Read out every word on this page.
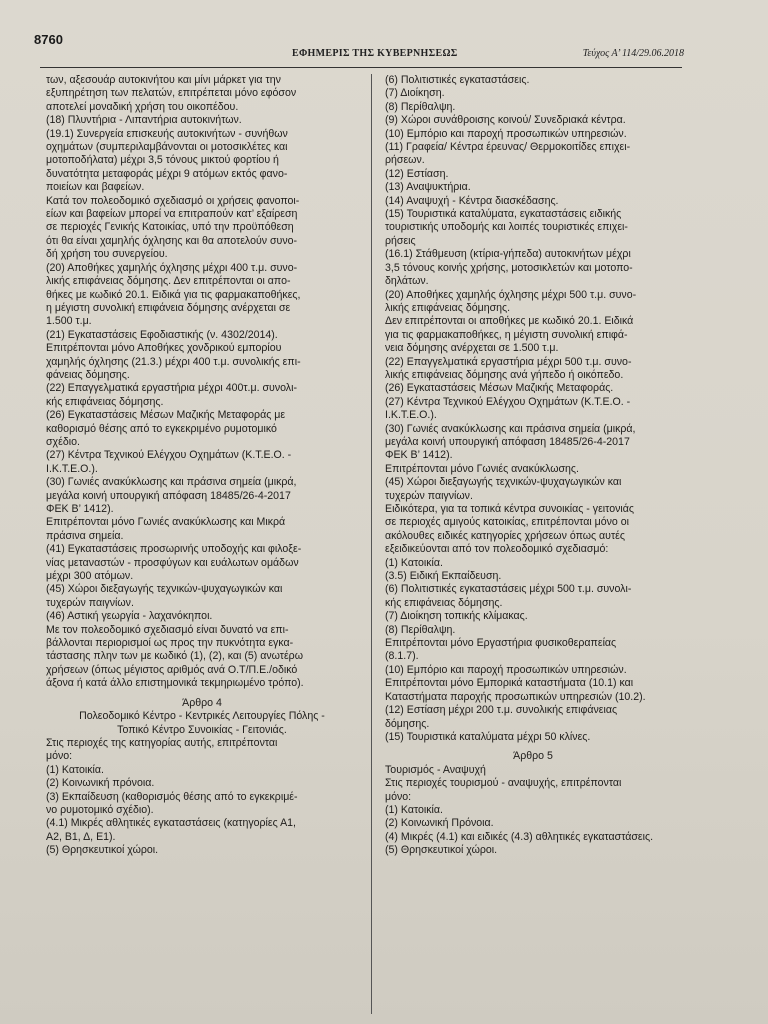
8760
ΕΦΗΜΕΡΙΣ ΤΗΣ ΚΥΒΕΡΝΗΣΕΩΣ	Τεύχος Α’ 114/29.06.2018
των, αξεσουάρ αυτοκινήτου και μίνι μάρκετ για την
εξυπηρέτηση των πελατών, επιτρέπεται μόνο εφόσον
αποτελεί μοναδική χρήση του οικοπέδου.
(18) Πλυντήρια - Λιπαντήρια αυτοκινήτων.
(19.1) Συνεργεία επισκευής αυτοκινήτων - συνήθων
οχημάτων (συμπεριλαμβάνονται οι μοτοσικλέτες και
μοτοποδήλατα) μέχρι 3,5 τόνους μικτού φορτίου ή
δυνατότητα μεταφοράς μέχρι 9 ατόμων εκτός φανο-
ποιείων και βαφείων.
Κατά τον πολεοδομικό σχεδιασμό οι χρήσεις φανοποι-
είων και βαφείων μπορεί να επιτραπούν κατ’ εξαίρεση
σε περιοχές Γενικής Κατοικίας, υπό την προϋπόθεση
ότι θα είναι χαμηλής όχλησης και θα αποτελούν συνο-
δή χρήση του συνεργείου.
(20) Αποθήκες χαμηλής όχλησης μέχρι 400 τ.μ. συνο-
λικής επιφάνειας δόμησης. Δεν επιτρέπονται οι απο-
θήκες με κωδικό 20.1. Ειδικά για τις φαρμακαποθήκες,
η μέγιστη συνολική επιφάνεια δόμησης ανέρχεται σε
1.500 τ.μ.
(21) Εγκαταστάσεις Εφοδιαστικής (ν. 4302/2014).
Επιτρέπονται μόνο Αποθήκες χονδρικού εμπορίου
χαμηλής όχλησης (21.3.) μέχρι 400 τ.μ. συνολικής επι-
φάνειας δόμησης.
(22) Επαγγελματικά εργαστήρια μέχρι 400τ.μ. συνολι-
κής επιφάνειας δόμησης.
(26) Εγκαταστάσεις Μέσων Μαζικής Μεταφοράς με
καθορισμό θέσης από το εγκεκριμένο ρυμοτομικό
σχέδιο.
(27) Κέντρα Τεχνικού Ελέγχου Οχημάτων (Κ.Τ.Ε.Ο. -
Ι.Κ.Τ.Ε.Ο.).
(30) Γωνιές ανακύκλωσης και πράσινα σημεία (μικρά,
μεγάλα κοινή υπουργική απόφαση 18485/26-4-2017
ΦΕΚ Β’ 1412).
Επιτρέπονται μόνο Γωνιές ανακύκλωσης και Μικρά
πράσινα σημεία.
(41) Εγκαταστάσεις προσωρινής υποδοχής και φιλοξε-
νίας μεταναστών - προσφύγων και ευάλωτων ομάδων
μέχρι 300 ατόμων.
(45) Χώροι διεξαγωγής τεχνικών-ψυχαγωγικών και
τυχερών παιγνίων.
(46) Αστική γεωργία - λαχανόκηποι.
Με τον πολεοδομικό σχεδιασμό είναι δυνατό να επι-
βάλλονται περιορισμοί ως προς την πυκνότητα εγκα-
τάστασης πλην των με κωδικό (1), (2), και (5) ανωτέρω
χρήσεων (όπως μέγιστος αριθμός ανά Ο.Τ/Π.Ε./οδικό
άξονα ή κατά άλλο επιστημονικά τεκμηριωμένο τρόπο).
Άρθρο 4
Πολεοδομικό Κέντρο - Κεντρικές Λειτουργίες Πόλης -
Τοπικό Κέντρο Συνοικίας - Γειτονιάς.
Στις περιοχές της κατηγορίας αυτής, επιτρέπονται
μόνο:
(1) Κατοικία.
(2) Κοινωνική πρόνοια.
(3) Εκπαίδευση (καθορισμός θέσης από το εγκεκριμέ-
νο ρυμοτομικό σχέδιο).
(4.1) Μικρές αθλητικές εγκαταστάσεις (κατηγορίες Α1,
Α2, Β1, Δ, Ε1).
(5) Θρησκευτικοί χώροι.
(6) Πολιτιστικές εγκαταστάσεις.
(7) Διοίκηση.
(8) Περίθαλψη.
(9) Χώροι συνάθροισης κοινού/ Συνεδριακά κέντρα.
(10) Εμπόριο και παροχή προσωπικών υπηρεσιών.
(11) Γραφεία/ Κέντρα έρευνας/ Θερμοκοιτίδες επιχει-
ρήσεων.
(12) Εστίαση.
(13) Αναψυκτήρια.
(14) Αναψυχή - Κέντρα διασκέδασης.
(15) Τουριστικά καταλύματα, εγκαταστάσεις ειδικής
τουριστικής υποδομής και λοιπές τουριστικές επιχει-
ρήσεις
(16.1) Στάθμευση (κτίρια-γήπεδα) αυτοκινήτων μέχρι
3,5 τόνους κοινής χρήσης, μοτοσικλετών και μοτοπο-
δηλάτων.
(20) Αποθήκες χαμηλής όχλησης μέχρι 500 τ.μ. συνο-
λικής επιφάνειας δόμησης.
Δεν επιτρέπονται οι αποθήκες με κωδικό 20.1. Ειδικά
για τις φαρμακαποθήκες, η μέγιστη συνολική επιφά-
νεια δόμησης ανέρχεται σε 1.500 τ.μ.
(22) Επαγγελματικά εργαστήρια μέχρι 500 τ.μ. συνο-
λικής επιφάνειας δόμησης ανά γήπεδο ή οικόπεδο.
(26) Εγκαταστάσεις Μέσων Μαζικής Μεταφοράς.
(27) Κέντρα Τεχνικού Ελέγχου Οχημάτων (Κ.Τ.Ε.Ο. -
Ι.Κ.Τ.Ε.Ο.).
(30) Γωνιές ανακύκλωσης και πράσινα σημεία (μικρά,
μεγάλα κοινή υπουργική απόφαση 18485/26-4-2017
ΦΕΚ Β’ 1412).
Επιτρέπονται μόνο Γωνιές ανακύκλωσης.
(45) Χώροι διεξαγωγής τεχνικών-ψυχαγωγικών και
τυχερών παιγνίων.
Ειδικότερα, για τα τοπικά κέντρα συνοικίας - γειτονιάς
σε περιοχές αμιγούς κατοικίας, επιτρέπονται μόνο οι
ακόλουθες ειδικές κατηγορίες χρήσεων όπως αυτές
εξειδικεύονται από τον πολεοδομικό σχεδιασμό:
(1) Κατοικία.
(3.5) Ειδική Εκπαίδευση.
(6) Πολιτιστικές εγκαταστάσεις μέχρι 500 τ.μ. συνολι-
κής επιφάνειας δόμησης.
(7) Διοίκηση τοπικής κλίμακας.
(8) Περίθαλψη.
Επιτρέπονται μόνο Εργαστήρια φυσικοθεραπείας
(8.1.7).
(10) Εμπόριο και παροχή προσωπικών υπηρεσιών.
Επιτρέπονται μόνο Εμπορικά καταστήματα (10.1) και
Καταστήματα παροχής προσωπικών υπηρεσιών (10.2).
(12) Εστίαση μέχρι 200 τ.μ. συνολικής επιφάνειας
δόμησης.
(15) Τουριστικά καταλύματα μέχρι 50 κλίνες.
Άρθρο 5
Τουρισμός - Αναψυχή
Στις περιοχές τουρισμού - αναψυχής, επιτρέπονται
μόνο:
(1) Κατοικία.
(2) Κοινωνική Πρόνοια.
(4) Μικρές (4.1) και ειδικές (4.3) αθλητικές εγκαταστάσεις.
(5) Θρησκευτικοί χώροι.
